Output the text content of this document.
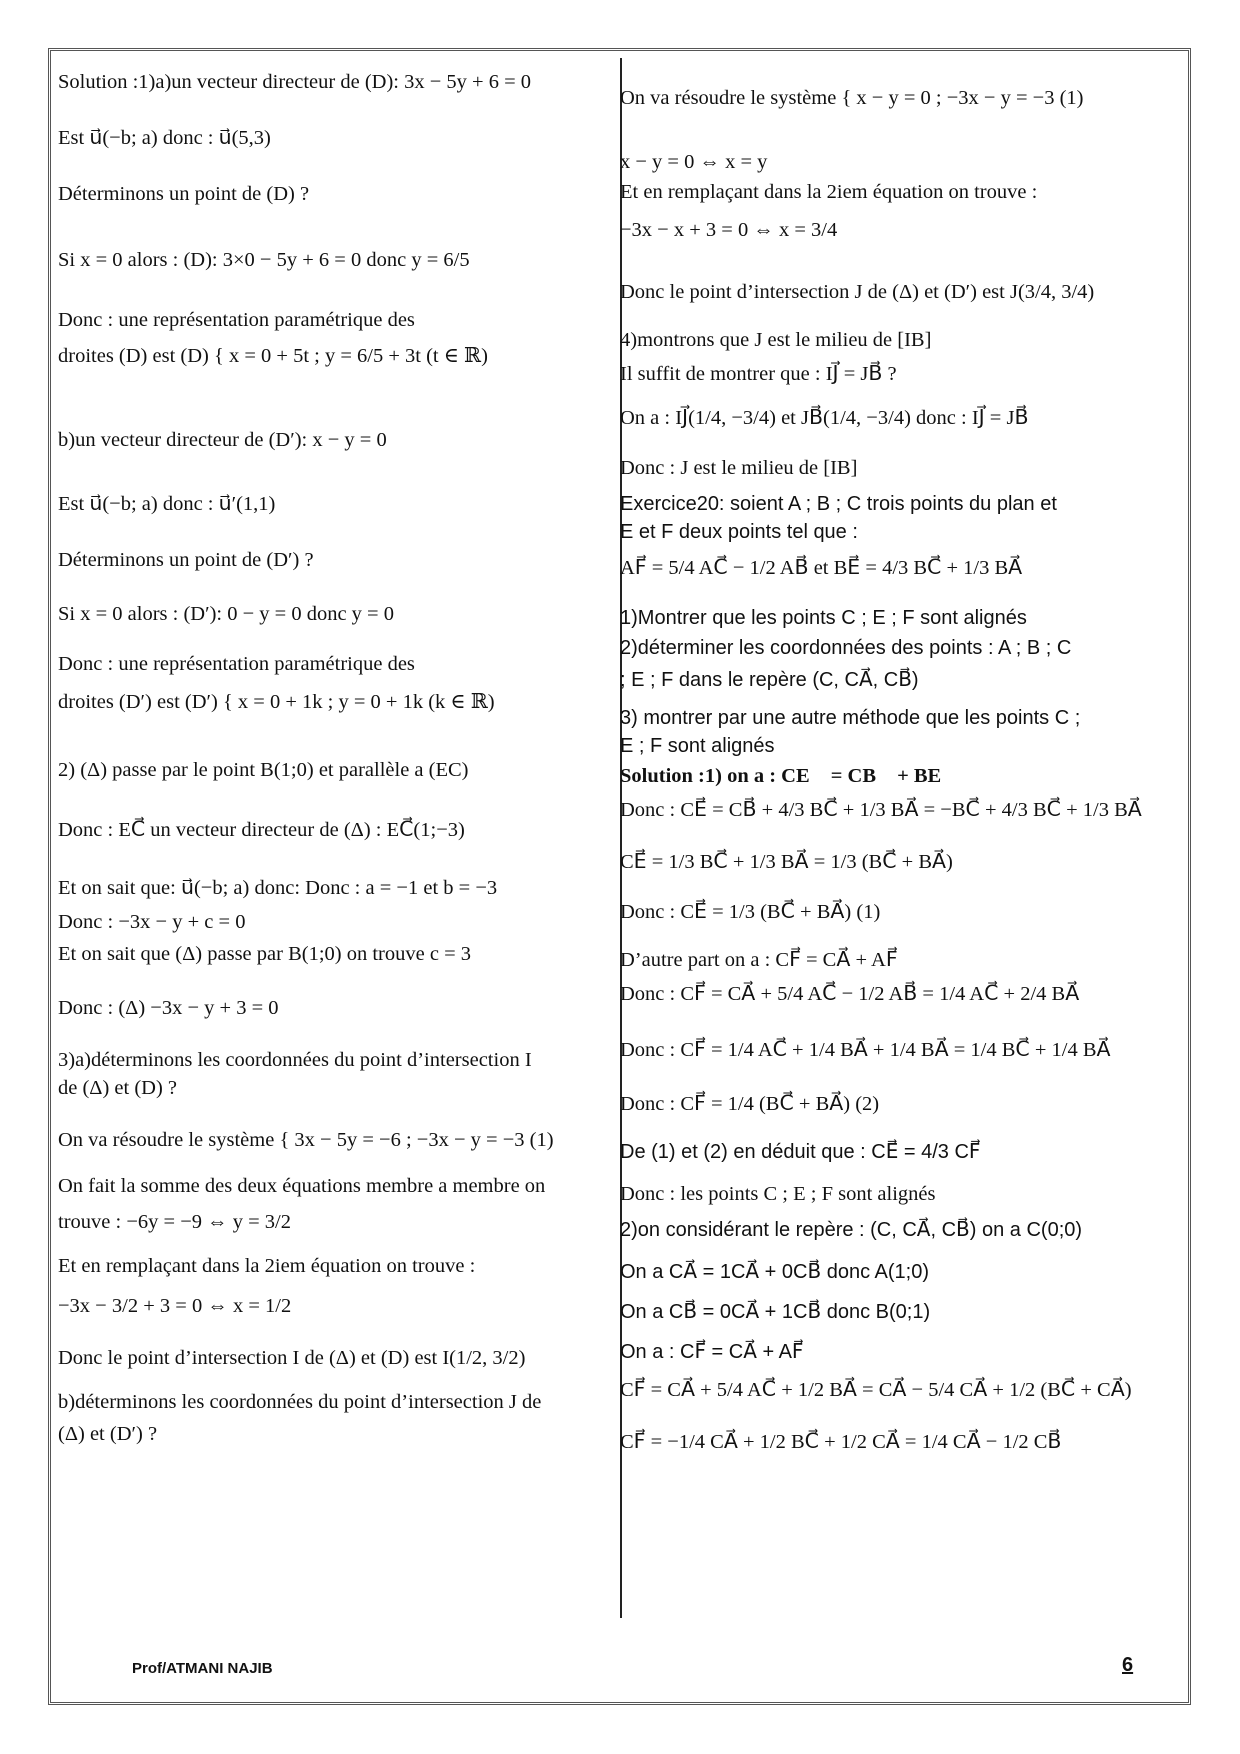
Solution :1)a)un vecteur directeur de (D): 3x − 5y + 6 = 0
Est u⃗(−b; a) donc : u⃗(5,3)
Déterminons un point de (D) ?
Si x = 0 alors : (D): 3×0 − 5y + 6 = 0 donc y = 6/5
Donc : une représentation paramétrique des
droites (D) est (D) { x = 0 + 5t ; y = 6/5 + 3t (t ∈ ℝ)
b)un vecteur directeur de (D′): x − y = 0
Est u⃗(−b; a) donc : u⃗′(1,1)
Déterminons un point de (D′) ?
Si x = 0 alors : (D′): 0 − y = 0 donc y = 0
Donc : une représentation paramétrique des
droites (D′) est (D′) { x = 0 + 1k ; y = 0 + 1k (k ∈ ℝ)
2) (Δ) passe par le point B(1;0) et parallèle a (EC)
Donc : EC⃗ un vecteur directeur de (Δ) : EC⃗(1;−3)
Et on sait que: u⃗(−b; a) donc: Donc : a = −1 et b = −3
Donc : −3x − y + c = 0
Et on sait que (Δ) passe par B(1;0) on trouve c = 3
Donc : (Δ) −3x − y + 3 = 0
3)a)déterminons les coordonnées du point d’intersection I
de (Δ) et (D) ?
On va résoudre le système { 3x − 5y = −6 ; −3x − y = −3 (1)
On fait la somme des deux équations membre a membre on
trouve : −6y = −9 ⇔ y = 3/2
Et en remplaçant dans la 2iem équation on trouve :
−3x − 3/2 + 3 = 0 ⇔ x = 1/2
Donc le point d’intersection I de (Δ) et (D) est I(1/2, 3/2)
b)déterminons les coordonnées du point d’intersection J de
(Δ) et (D′) ?
On va résoudre le système { x − y = 0 ; −3x − y = −3 (1)
x − y = 0 ⇔ x = y
Et en remplaçant dans la 2iem équation on trouve :
−3x − x + 3 = 0 ⇔ x = 3/4
Donc le point d’intersection J de (Δ) et (D′) est J(3/4, 3/4)
4)montrons que J est le milieu de [IB]
Il suffit de montrer que : IJ⃗ = JB⃗ ?
On a : IJ⃗(1/4, −3/4) et JB⃗(1/4, −3/4) donc : IJ⃗ = JB⃗
Donc : J est le milieu de [IB]
Exercice20: soient A ; B ; C trois points du plan et
E et F deux points tel que :
AF⃗ = 5/4 AC⃗ − 1/2 AB⃗ et BE⃗ = 4/3 BC⃗ + 1/3 BA⃗
1)Montrer que les points C ; E ; F sont alignés
2)déterminer les coordonnées des points : A ; B ; C
; E ; F dans le repère (C, CA⃗, CB⃗)
3) montrer par une autre méthode que les points C ;
E ; F sont alignés
Solution :1) on a : CE⃗ = CB⃗ + BE⃗
Donc : CE⃗ = CB⃗ + 4/3 BC⃗ + 1/3 BA⃗ = −BC⃗ + 4/3 BC⃗ + 1/3 BA⃗
CE⃗ = 1/3 BC⃗ + 1/3 BA⃗ = 1/3 (BC⃗ + BA⃗)
Donc : CE⃗ = 1/3 (BC⃗ + BA⃗) (1)
D’autre part on a : CF⃗ = CA⃗ + AF⃗
Donc : CF⃗ = CA⃗ + 5/4 AC⃗ − 1/2 AB⃗ = 1/4 AC⃗ + 2/4 BA⃗
Donc : CF⃗ = 1/4 AC⃗ + 1/4 BA⃗ + 1/4 BA⃗ = 1/4 BC⃗ + 1/4 BA⃗
Donc : CF⃗ = 1/4 (BC⃗ + BA⃗) (2)
De (1) et (2) en déduit que : CE⃗ = 4/3 CF⃗
Donc : les points C ; E ; F sont alignés
2)on considérant le repère : (C, CA⃗, CB⃗) on a C(0;0)
On a CA⃗ = 1CA⃗ + 0CB⃗ donc A(1;0)
On a CB⃗ = 0CA⃗ + 1CB⃗ donc B(0;1)
On a : CF⃗ = CA⃗ + AF⃗
CF⃗ = CA⃗ + 5/4 AC⃗ + 1/2 BA⃗ = CA⃗ − 5/4 CA⃗ + 1/2 (BC⃗ + CA⃗)
CF⃗ = −1/4 CA⃗ + 1/2 BC⃗ + 1/2 CA⃗ = 1/4 CA⃗ − 1/2 CB⃗
Prof/ATMANI NAJIB	6
